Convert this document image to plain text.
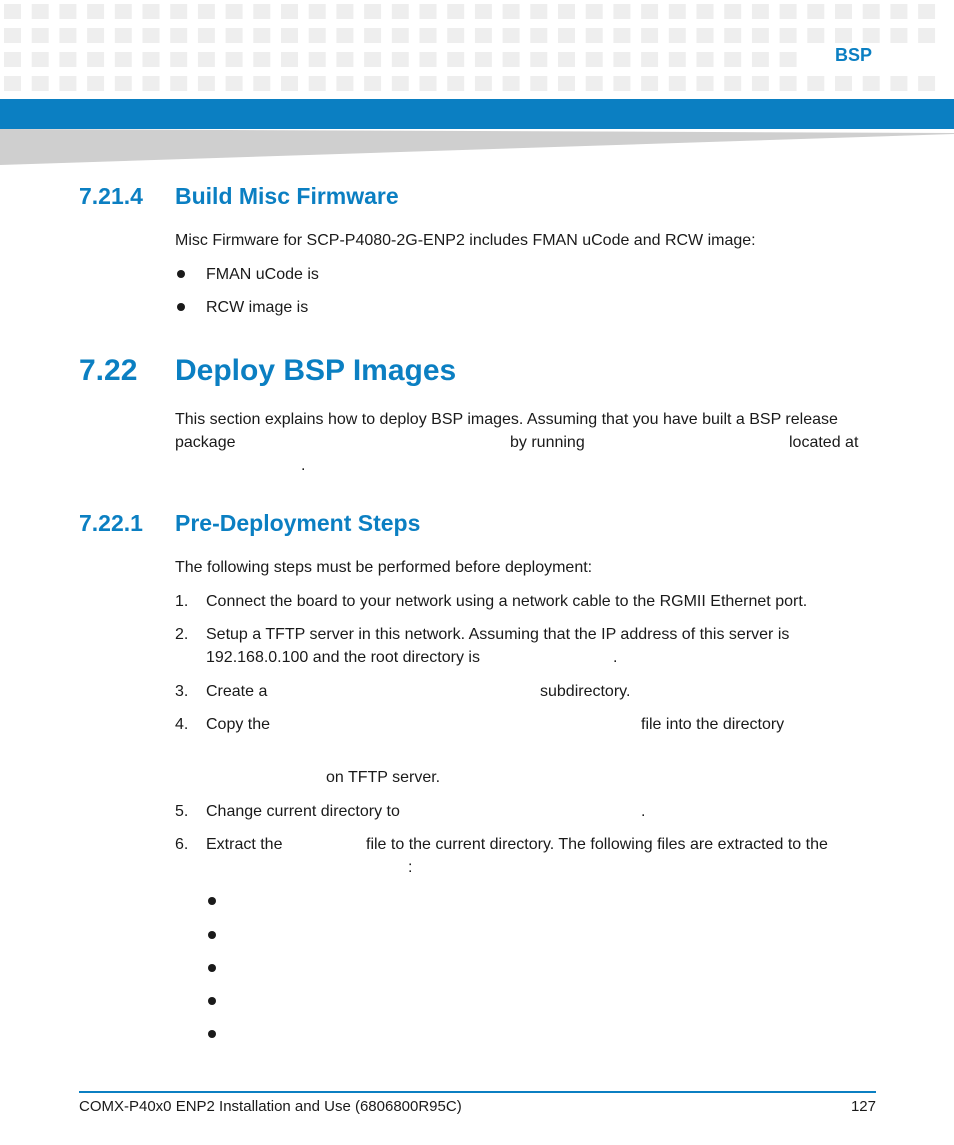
BSP
7.21.4 Build Misc Firmware
Misc Firmware for SCP-P4080-2G-ENP2 includes FMAN uCode and RCW image:
FMAN uCode is
RCW image is
7.22 Deploy BSP Images
This section explains how to deploy BSP images. Assuming that you have built a BSP release
package	by running	located at
.
7.22.1 Pre-Deployment Steps
The following steps must be performed before deployment:
1. Connect the board to your network using a network cable to the RGMII Ethernet port.
2. Setup a TFTP server in this network. Assuming that the IP address of this server is
192.168.0.100 and the root directory is	.
3. Create a	subdirectory.
4. Copy the	file into the directory
on TFTP server.
5. Change current directory to	.
6. Extract the	file to the current directory. The following files are extracted to the
:
COMX-P40x0 ENP2 Installation and Use (6806800R95C)	127
